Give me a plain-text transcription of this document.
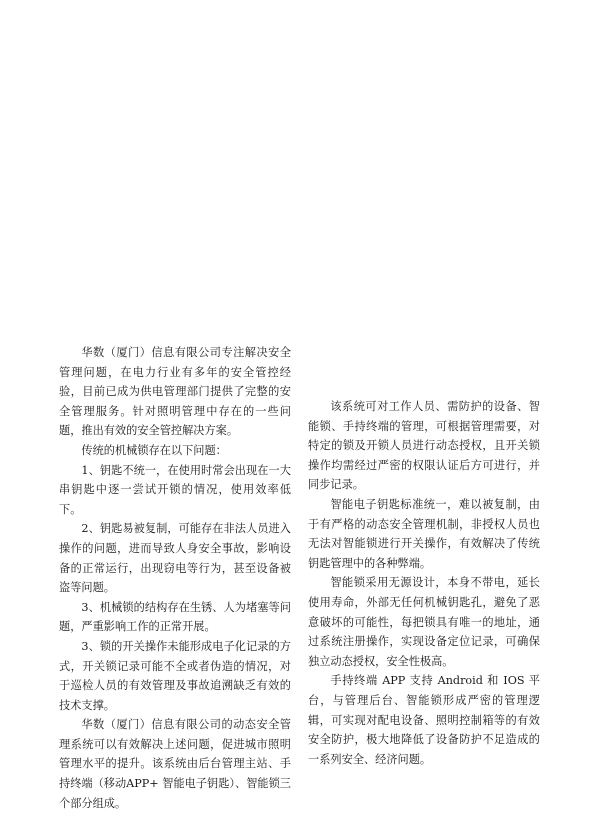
华数（厦门）信息有限公司专注解决安全管理问题，在电力行业有多年的安全管控经验，目前已成为供电管理部门提供了完整的安全管理服务。针对照明管理中存在的一些问题，推出有效的安全管控解决方案。

传统的机械锁存在以下问题：

1、钥匙不统一，在使用时常会出现在一大串钥匙中逐一尝试开锁的情况，使用效率低下。

2、钥匙易被复制，可能存在非法人员进入操作的问题，进而导致人身安全事故，影响设备的正常运行，出现窃电等行为，甚至设备被盗等问题。

3、机械锁的结构存在生锈、人为堵塞等问题，严重影响工作的正常开展。

3、锁的开关操作未能形成电子化记录的方式，开关锁记录可能不全或者伪造的情况，对于巡检人员的有效管理及事故追溯缺乏有效的技术支撑。

华数（厦门）信息有限公司的动态安全管理系统可以有效解决上述问题，促进城市照明管理水平的提升。该系统由后台管理主站、手持终端（移动APP+ 智能电子钥匙）、智能锁三个部分组成。

该系统可对工作人员、需防护的设备、智能锁、手持终端的管理，可根据管理需要，对特定的锁及开锁人员进行动态授权，且开关锁操作均需经过严密的权限认证后方可进行，并同步记录。

智能电子钥匙标准统一，难以被复制，由于有严格的动态安全管理机制，非授权人员也无法对智能锁进行开关操作，有效解决了传统钥匙管理中的各种弊端。

智能锁采用无源设计，本身不带电，延长使用寿命，外部无任何机械钥匙孔，避免了恶意破坏的可能性，每把锁具有唯一的地址，通过系统注册操作，实现设备定位记录，可确保独立动态授权，安全性极高。

手持终端 APP 支持 Android 和 IOS 平台，与管理后台、智能锁形成严密的管理逻辑，可实现对配电设备、照明控制箱等的有效安全防护，极大地降低了设备防护不足造成的一系列安全、经济问题。
